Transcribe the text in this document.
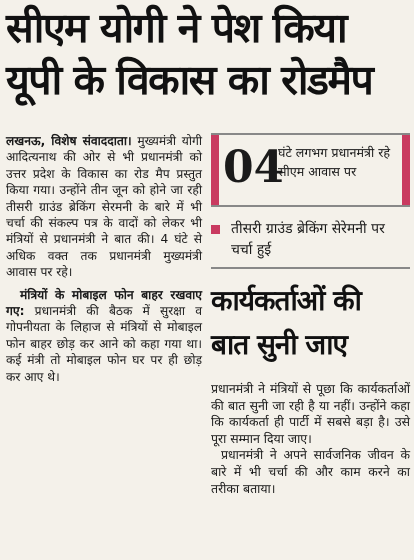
सीएम योगी ने पेश किया
यूपी के विकास का रोडमैप

लखनऊ, विशेष संवाददाता। मुख्यमंत्री योगी आदित्यनाथ की ओर से भी प्रधानमंत्री को उत्तर प्रदेश के विकास का रोड मैप प्रस्तुत किया गया। उन्होंने तीन जून को होने जा रही तीसरी ग्राउंड ब्रेकिंग सेरमनी के बारे में भी चर्चा की संकल्प पत्र के वादों को लेकर भी मंत्रियों से प्रधानमंत्री ने बात की। 4 घंटे से अधिक वक्त तक प्रधानमंत्री मुख्यमंत्री आवास पर रहे।

मंत्रियों के मोबाइल फोन बाहर रखवाए गए: प्रधानमंत्री की बैठक में सुरक्षा व गोपनीयता के लिहाज से मंत्रियों से मोबाइल फोन बाहर छोड़ कर आने को कहा गया था। कई मंत्री तो मोबाइल फोन घर पर ही छोड़ कर आए थे।

04
घंटे लगभग प्रधानमंत्री रहे सीएम आवास पर
तीसरी ग्राउंड ब्रेकिंग सेरेमनी पर चर्चा हुई
कार्यकर्ताओं की
बात सुनी जाए

प्रधानमंत्री ने मंत्रियों से पूछा कि कार्यकर्ताओं की बात सुनी जा रही है या नहीं। उन्होंने कहा कि कार्यकर्ता ही पार्टी में सबसे बड़ा है। उसे पूरा सम्मान दिया जाए।

प्रधानमंत्री ने अपने सार्वजनिक जीवन के बारे में भी चर्चा की और काम करने का तरीका बताया।
